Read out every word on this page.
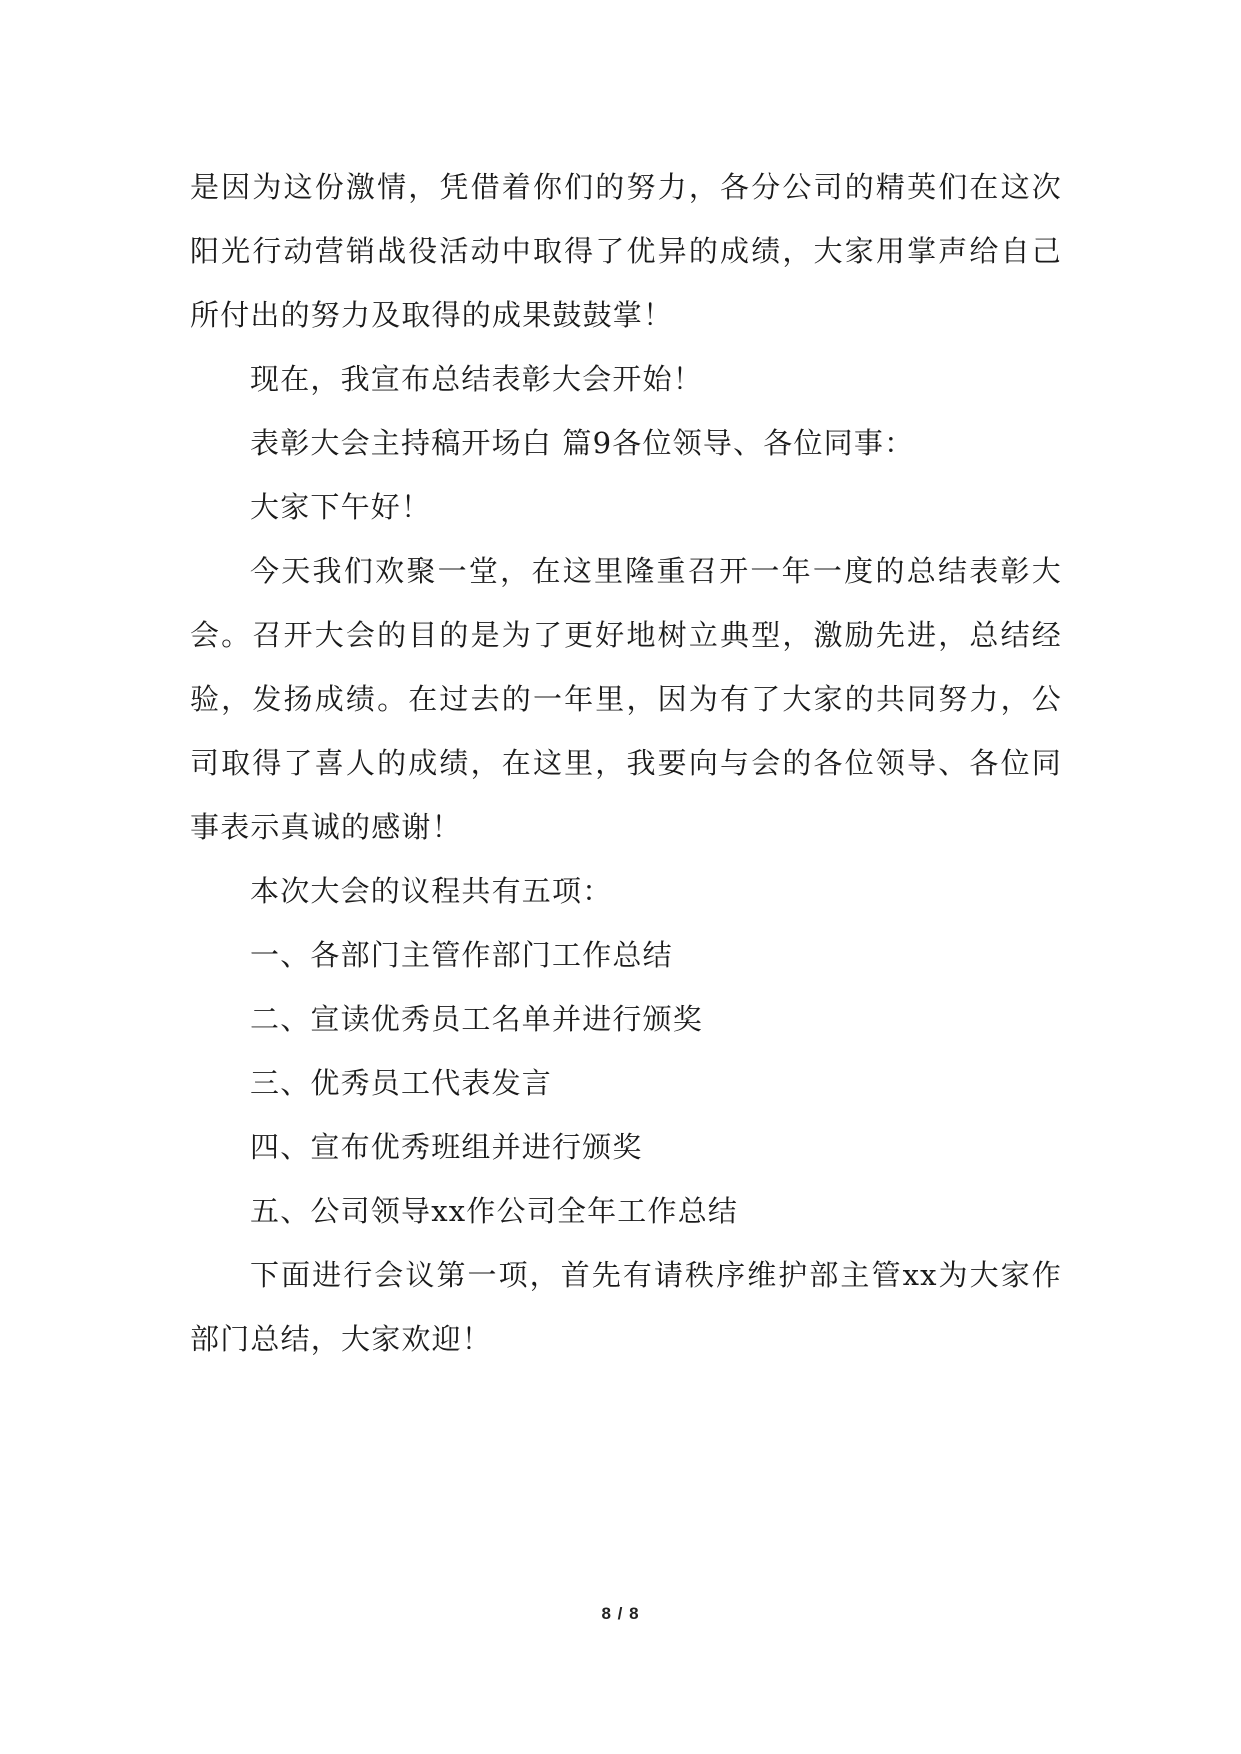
是因为这份激情，凭借着你们的努力，各分公司的精英们在这次阳光行动营销战役活动中取得了优异的成绩，大家用掌声给自己所付出的努力及取得的成果鼓鼓掌！

现在，我宣布总结表彰大会开始！

表彰大会主持稿开场白 篇9各位领导、各位同事：

大家下午好！

今天我们欢聚一堂，在这里隆重召开一年一度的总结表彰大会。召开大会的目的是为了更好地树立典型，激励先进，总结经验，发扬成绩。在过去的一年里，因为有了大家的共同努力，公司取得了喜人的成绩，在这里，我要向与会的各位领导、各位同事表示真诚的感谢！

本次大会的议程共有五项：

一、各部门主管作部门工作总结

二、宣读优秀员工名单并进行颁奖

三、优秀员工代表发言

四、宣布优秀班组并进行颁奖

五、公司领导xx作公司全年工作总结

下面进行会议第一项，首先有请秩序维护部主管xx为大家作部门总结，大家欢迎！

8 / 8
